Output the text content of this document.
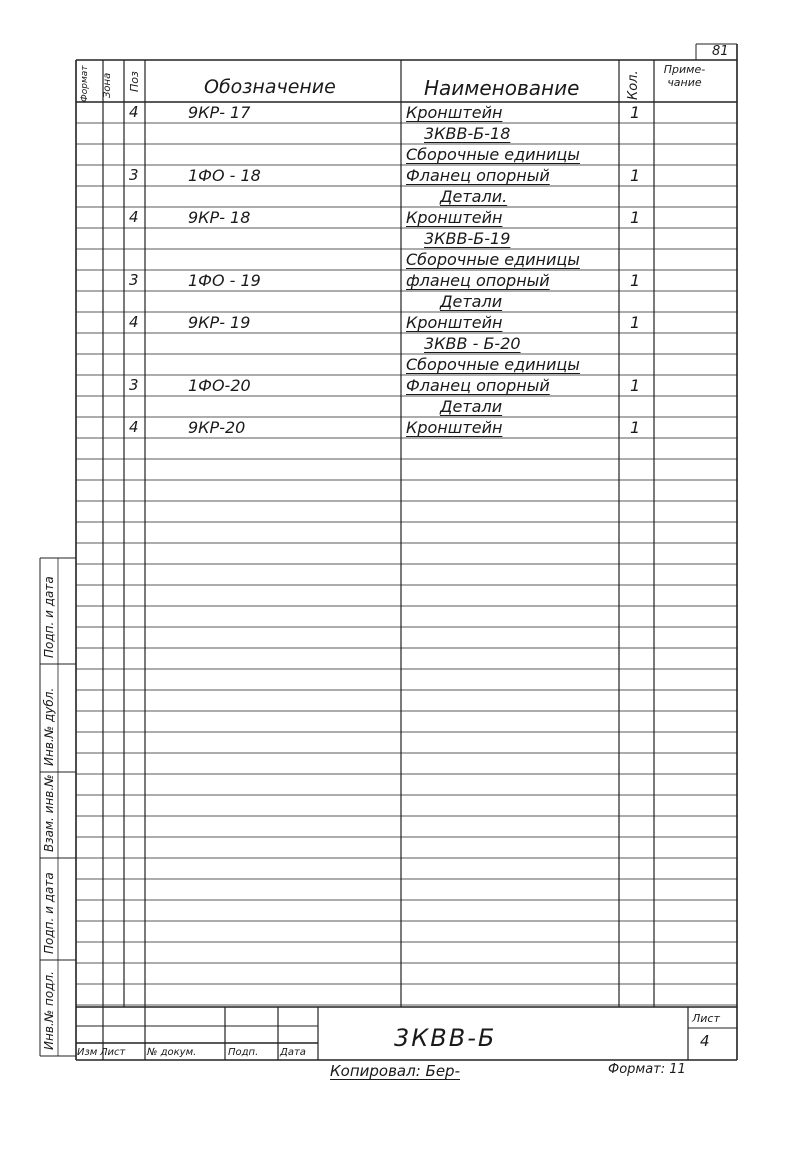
81
Формат Зона Поз	Кол.
Обозначение	Наименование
Приме-чание
4	9КР- 17	Кронштейн	1
3КВВ-Б-18
Сборочные единицы
3	1ФО - 18	Фланец опорный	1
Детали.
4	9КР- 18	Кронштейн	1
3КВВ-Б-19
Сборочные единицы
3	1ФО - 19	фланец опорный	1
Детали
4	9КР- 19	Кронштейн	1
3КВВ - Б-20
Сборочные единицы
3	1ФО-20	Фланец опорный	1
Детали
4	9КР-20	Кронштейн	1
Инв.№ подл.
Подп. и дата
Взам. инв.№
Инв.№ дубл.
Подп. и дата
3КВВ-Б
Лист
4
Изм Лист № докум.	Подп. Дата
Копировал: Бер-	Формат: 11
